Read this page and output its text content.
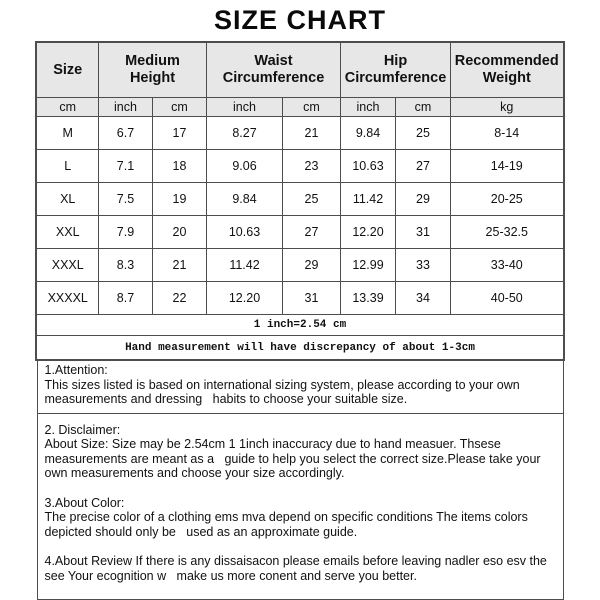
SIZE CHART
Size	Medium Height		Waist Circumference		Hip Circumference		Recommended Weight
cm	inch	cm	inch	cm	inch	cm	kg
M	6.7	17	8.27	21	9.84	25	8-14
L	7.1	18	9.06	23	10.63	27	14-19
XL	7.5	19	9.84	25	11.42	29	20-25
XXL	7.9	20	10.63	27	12.20	31	25-32.5
XXXL	8.3	21	11.42	29	12.99	33	33-40
XXXXL	8.7	22	12.20	31	13.39	34	40-50
1 inch=2.54 cm							
Hand measurement will have discrepancy of about 1-3cm							
1.Attention:
This sizes listed is based on international sizing system, please according to your own measurements and dressing   habits to choose your suitable size.
2. Disclaimer:
About Size: Size may be 2.54cm 1 1inch inaccuracy due to hand measuer. Thsese measurements are meant as a   guide to help you select the correct size.Please take your own measurements and choose your size accordingly.
3.About Color:
The precise color of a clothing ems mva depend on specific conditions The items colors depicted should only be   used as an approximate guide.
4.About Review If there is any dissaisacon please emails before leaving nadler eso esv the see Your ecognition w   make us more conent and serve you better.
